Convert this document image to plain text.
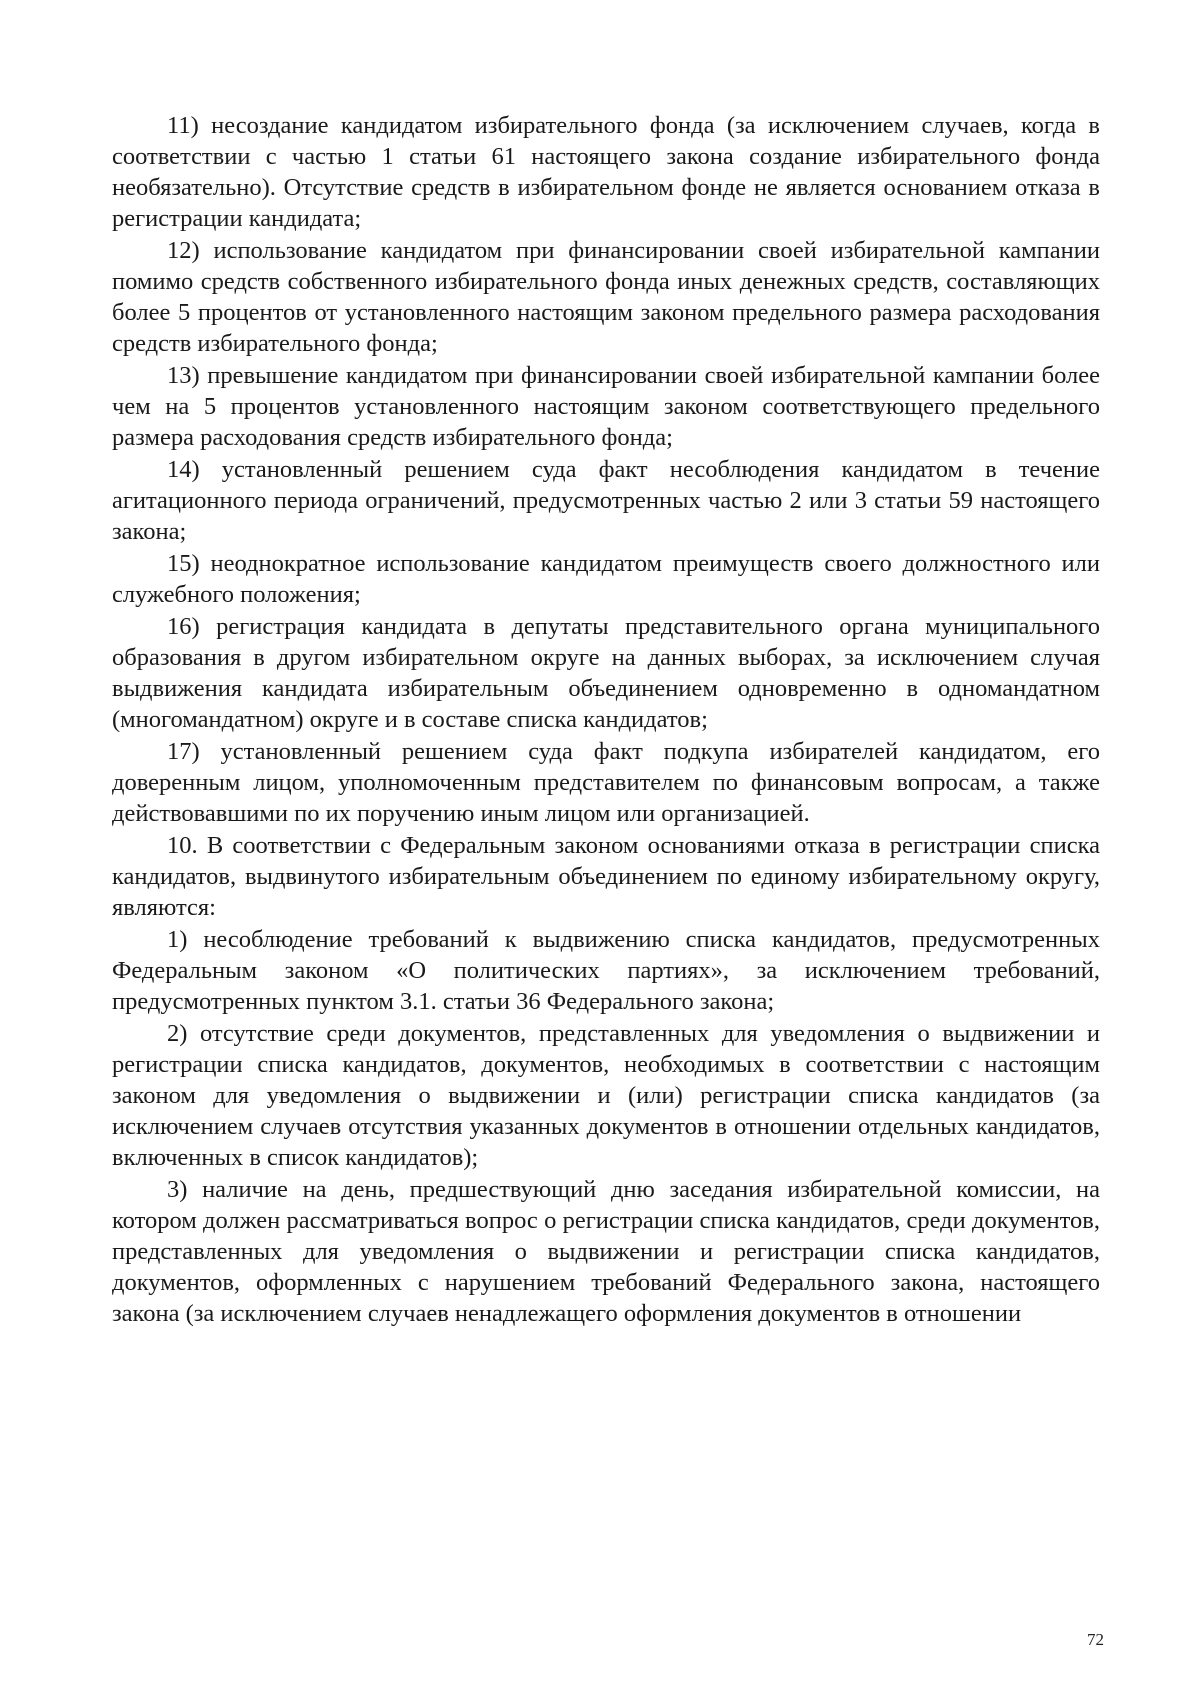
11) несоздание кандидатом избирательного фонда (за исключением случаев, когда в соответствии с частью 1 статьи 61 настоящего закона создание избирательного фонда необязательно). Отсутствие средств в избирательном фонде не является основанием отказа в регистрации кандидата;

12) использование кандидатом при финансировании своей избирательной кампании помимо средств собственного избирательного фонда иных денежных средств, составляющих более 5 процентов от установленного настоящим законом предельного размера расходования средств избирательного фонда;

13) превышение кандидатом при финансировании своей избирательной кампании более чем на 5 процентов установленного настоящим законом соответствующего предельного размера расходования средств избирательного фонда;

14) установленный решением суда факт несоблюдения кандидатом в течение агитационного периода ограничений, предусмотренных частью 2 или 3 статьи 59 настоящего закона;

15) неоднократное использование кандидатом преимуществ своего должностного или служебного положения;

16) регистрация кандидата в депутаты представительного органа муниципального образования в другом избирательном округе на данных выборах, за исключением случая выдвижения кандидата избирательным объединением одновременно в одномандатном (многомандатном) округе и в составе списка кандидатов;

17) установленный решением суда факт подкупа избирателей кандидатом, его доверенным лицом, уполномоченным представителем по финансовым вопросам, а также действовавшими по их поручению иным лицом или организацией.

10. В соответствии с Федеральным законом основаниями отказа в регистрации списка кандидатов, выдвинутого избирательным объединением по единому избирательному округу, являются:

1) несоблюдение требований к выдвижению списка кандидатов, предусмотренных Федеральным законом «О политических партиях», за исключением требований, предусмотренных пунктом 3.1. статьи 36 Федерального закона;

2) отсутствие среди документов, представленных для уведомления о выдвижении и регистрации списка кандидатов, документов, необходимых в соответствии с настоящим законом для уведомления о выдвижении и (или) регистрации списка кандидатов (за исключением случаев отсутствия указанных документов в отношении отдельных кандидатов, включенных в список кандидатов);

3) наличие на день, предшествующий дню заседания избирательной комиссии, на котором должен рассматриваться вопрос о регистрации списка кандидатов, среди документов, представленных для уведомления о выдвижении и регистрации списка кандидатов, документов, оформленных с нарушением требований Федерального закона, настоящего закона (за исключением случаев ненадлежащего оформления документов в отношении

72
